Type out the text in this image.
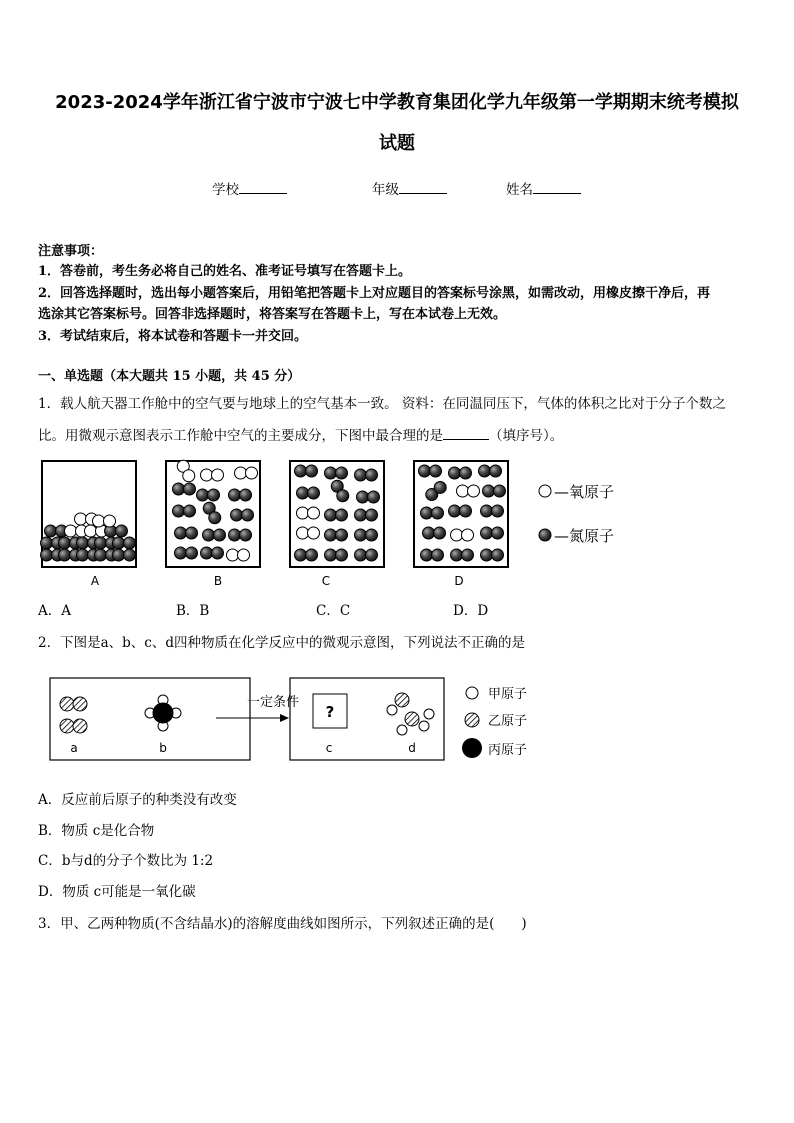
2023-2024学年浙江省宁波市宁波七中学教育集团化学九年级第一学期期末统考模拟
试题
学校	年级	姓名
注意事项：
1．答卷前，考生务必将自己的姓名、准考证号填写在答题卡上。
2．回答选择题时，选出每小题答案后，用铅笔把答题卡上对应题目的答案标号涂黑，如需改动，用橡皮擦干净后，再
选涂其它答案标号。回答非选择题时，将答案写在答题卡上，写在本试卷上无效。
3．考试结束后，将本试卷和答题卡一并交回。
一、单选题（本大题共 15 小题，共 45 分）
1．载人航天器工作舱中的空气要与地球上的空气基本一致。 资料：在同温同压下，气体的体积之比对于分子个数之
比。用微观示意图表示工作舱中空气的主要成分，下图中最合理的是	（填序号）。
A	B	C	D
—氧原子
—氮原子
A．A	B．B	C．C	D．D
2．下图是a、b、c、d四种物质在化学反应中的微观示意图，下列说法不正确的是
a	b
一定条件
?
c	d
甲原子
乙原子
丙原子
A．反应前后原子的种类没有改变
B．物质 c是化合物
C．b与d的分子个数比为 1:2
D．物质 c可能是一氧化碳
3．甲、乙两种物质(不含结晶水)的溶解度曲线如图所示，下列叙述正确的是(　　)
